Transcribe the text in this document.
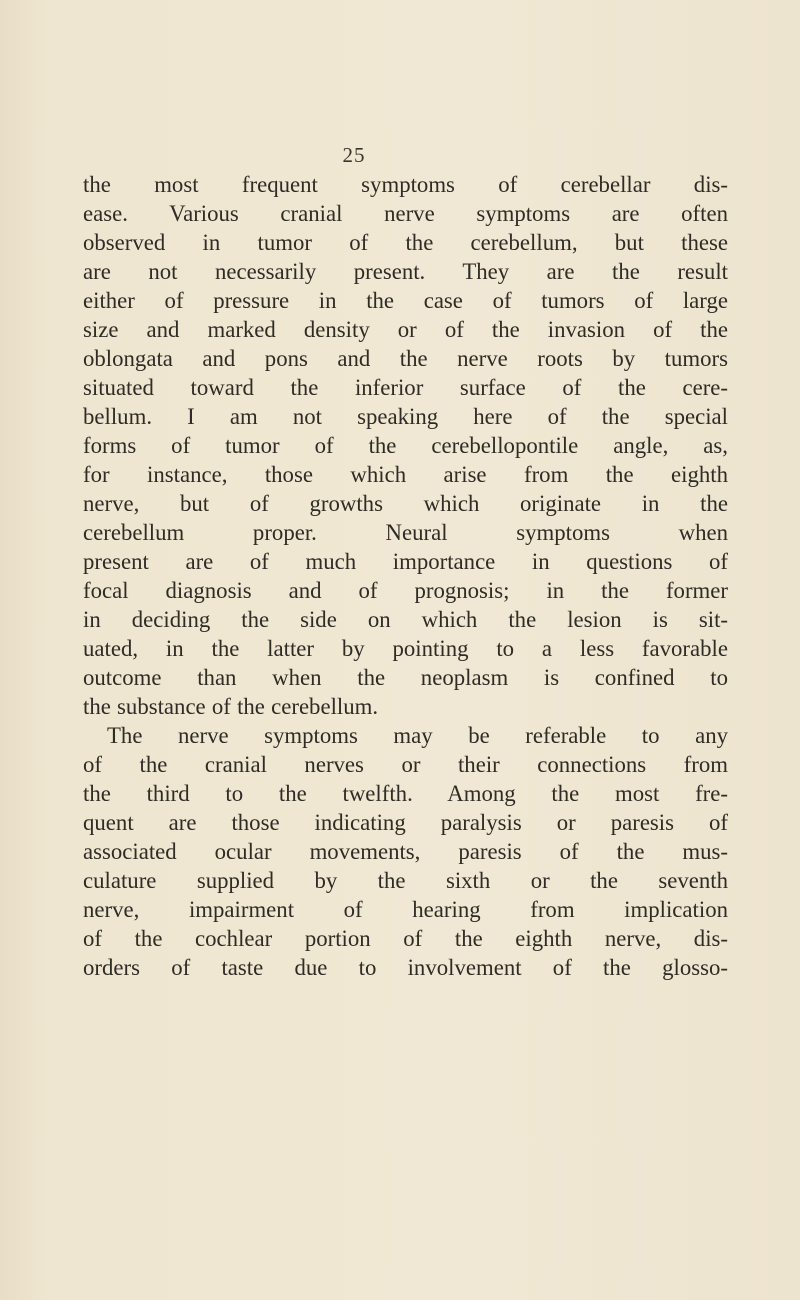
25
the most frequent symptoms of cerebellar dis-
ease. Various cranial nerve symptoms are often
observed in tumor of the cerebellum, but these
are not necessarily present. They are the result
either of pressure in the case of tumors of large
size and marked density or of the invasion of the
oblongata and pons and the nerve roots by tumors
situated toward the inferior surface of the cere-
bellum. I am not speaking here of the special
forms of tumor of the cerebellopontile angle, as,
for instance, those which arise from the eighth
nerve, but of growths which originate in the
cerebellum proper. Neural symptoms when
present are of much importance in questions of
focal diagnosis and of prognosis; in the former
in deciding the side on which the lesion is sit-
uated, in the latter by pointing to a less favorable
outcome than when the neoplasm is confined to
the substance of the cerebellum.
The nerve symptoms may be referable to any
of the cranial nerves or their connections from
the third to the twelfth. Among the most fre-
quent are those indicating paralysis or paresis of
associated ocular movements, paresis of the mus-
culature supplied by the sixth or the seventh
nerve, impairment of hearing from implication
of the cochlear portion of the eighth nerve, dis-
orders of taste due to involvement of the glosso-
